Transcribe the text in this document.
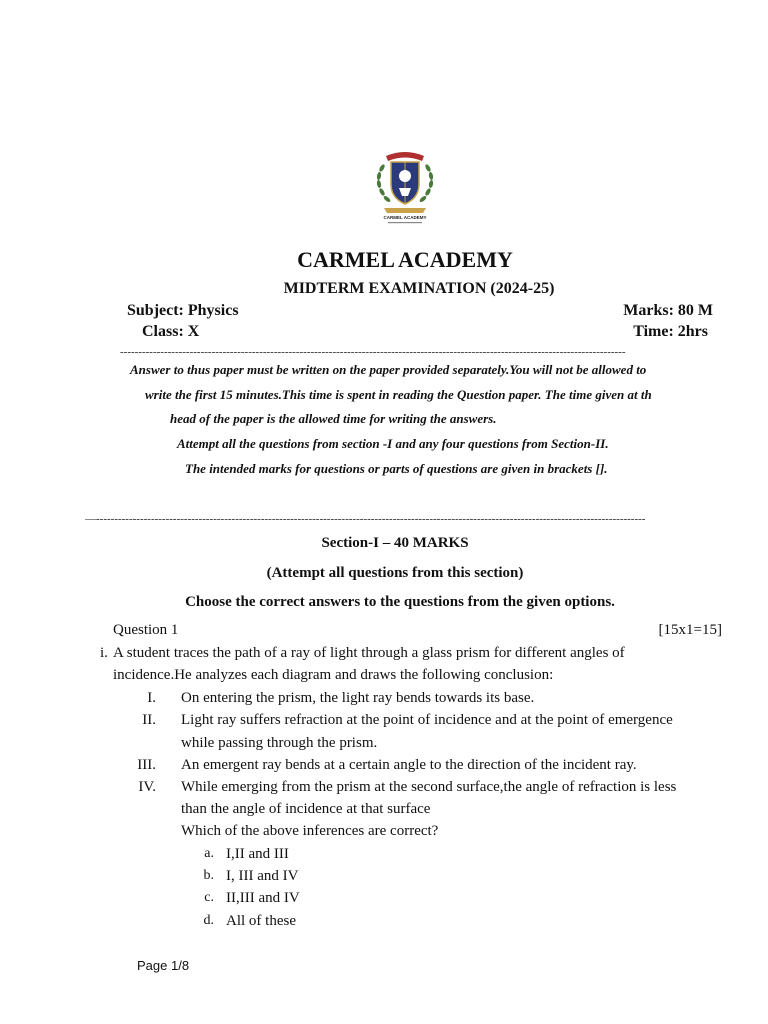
CARMEL ACADEMY
CARMEL ACADEMY
MIDTERM EXAMINATION (2024-25)
Subject: Physics	Marks: 80 M
Class: X	Time: 2hrs
------------------------------------------------------------------------------------------------------------------------------------------
Answer to thus paper must be written on the paper provided separately.You will not be allowed to
write the first 15 minutes.This time is spent in reading the Question paper. The time given at th
head of the paper is the allowed time for writing the answers.
Attempt all the questions from section -I and any four questions from Section-II.
The intended marks for questions or parts of questions are given in brackets [].
—------------------------------------------------------------------------------------------------------------------------------------------------------
Section-I – 40 MARKS
(Attempt all questions from this section)
Choose the correct answers to the questions from the given options.
Question 1	[15x1=15]
i. A student traces the path of a ray of light through a glass prism for different angles of
incidence.He analyzes each diagram and draws the following conclusion:
I. On entering the prism, the light ray bends towards its base.
II. Light ray suffers refraction at the point of incidence and at the point of emergence
while passing through the prism.
III. An emergent ray bends at a certain angle to the direction of the incident ray.
IV. While emerging from the prism at the second surface,the angle of refraction is less
than the angle of incidence at that surface
Which of the above inferences are correct?
a. I,II and III
b. I, III and IV
c. II,III and IV
d. All of these
Page 1/8
